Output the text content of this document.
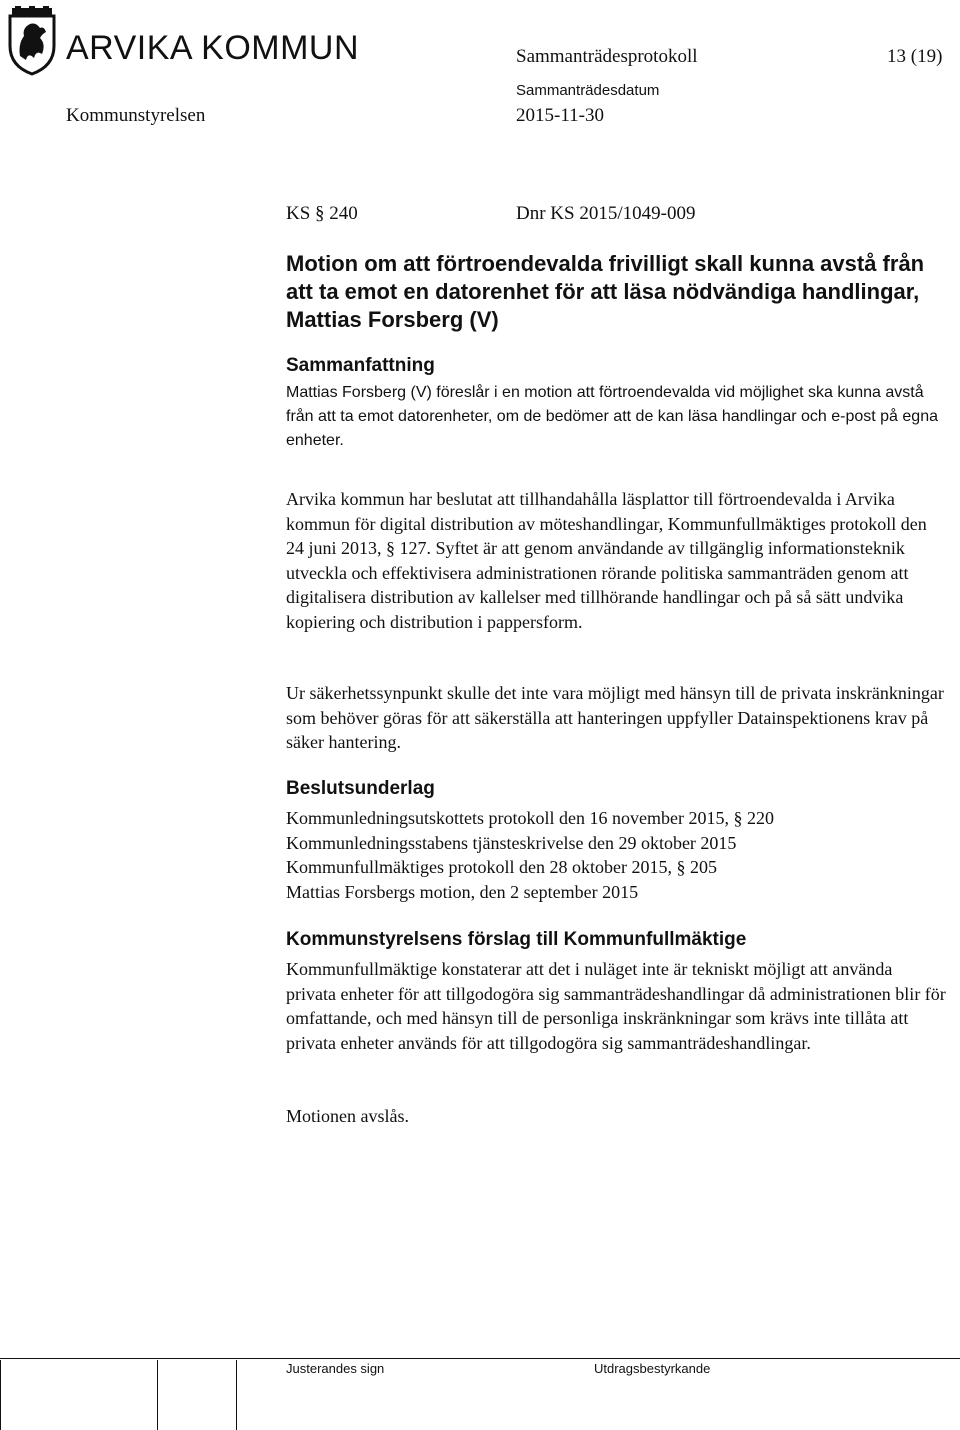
ARVIKA KOMMUN	Sammanträdesprotokoll	13 (19)
Sammanträdesdatum
Kommunstyrelsen	2015-11-30
KS § 240	Dnr KS 2015/1049-009
Motion om att förtroendevalda frivilligt skall kunna avstå från att ta emot en datorenhet för att läsa nödvändiga handlingar, Mattias Forsberg (V)
Sammanfattning

Mattias Forsberg (V) föreslår i en motion att förtroendevalda vid möjlighet ska kunna avstå från att ta emot datorenheter, om de bedömer att de kan läsa handlingar och e-post på egna enheter.

Arvika kommun har beslutat att tillhandahålla läsplattor till förtroendevalda i Arvika kommun för digital distribution av möteshandlingar, Kommunfullmäktiges protokoll den 24 juni 2013, § 127. Syftet är att genom användande av tillgänglig informationsteknik utveckla och effektivisera administrationen rörande politiska sammanträden genom att digitalisera distribution av kallelser med tillhörande handlingar och på så sätt undvika kopiering och distribution i pappersform.

Ur säkerhetssynpunkt skulle det inte vara möjligt med hänsyn till de privata inskränkningar som behöver göras för att säkerställa att hanteringen uppfyller Datainspektionens krav på säker hantering.

Beslutsunderlag
Kommunledningsutskottets protokoll den 16 november 2015, § 220
Kommunledningsstabens tjänsteskrivelse den 29 oktober 2015
Kommunfullmäktiges protokoll den 28 oktober 2015, § 205
Mattias Forsbergs motion, den 2 september 2015
Kommunstyrelsens förslag till Kommunfullmäktige

Kommunfullmäktige konstaterar att det i nuläget inte är tekniskt möjligt att använda privata enheter för att tillgodogöra sig sammanträdeshandlingar då administrationen blir för omfattande, och med hänsyn till de personliga inskränkningar som krävs inte tillåta att privata enheter används för att tillgodogöra sig sammanträdeshandlingar.

Motionen avslås.

Justerandes sign	Utdragsbestyrkande
